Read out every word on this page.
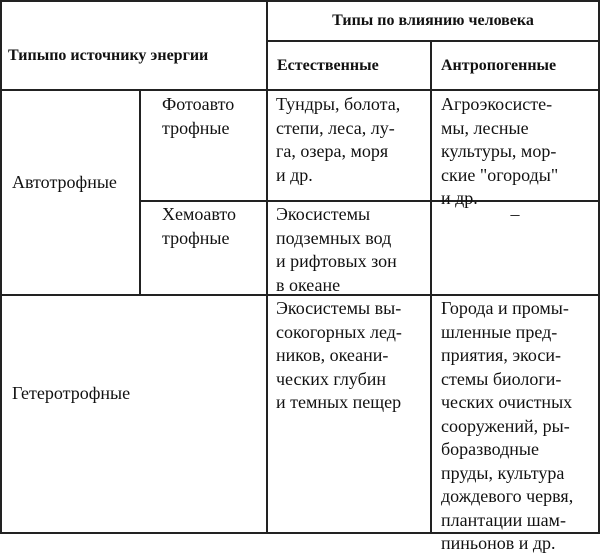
Типыпо источнику энергии
Типы по влиянию человека
Естественные	Антропогенные
Автотрофные
Фотоавто
трофные
Хемоавто
трофные
Гетеротрофные
Тундры, болота,
степи, леса, лу-
га, озера, моря
и др.
Агроэкосисте-
мы, лесные
культуры, мор-
ские "огороды"
и др.
Экосистемы
подземных вод
и рифтовых зон
в океане
–
Экосистемы вы-
сокогорных лед-
ников, океани-
ческих глубин
и темных пещер
Города и промы-
шленные пред-
приятия, экоси-
стемы биологи-
ческих очистных
сооружений, ры-
боразводные
пруды, культура
дождевого червя,
плантации шам-
пиньонов и др.
